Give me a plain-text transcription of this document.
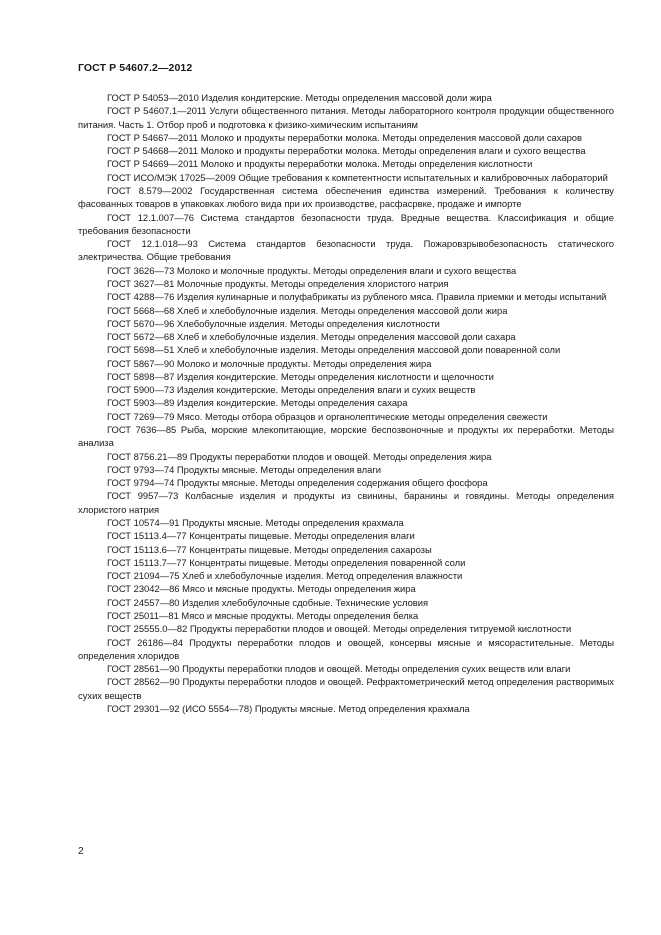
ГОСТ Р 54607.2—2012

ГОСТ Р 54053—2010 Изделия кондитерские. Методы определения массовой доли жира

ГОСТ Р 54607.1—2011 Услуги общественного питания. Методы лабораторного контроля продукции общественного питания. Часть 1. Отбор проб и подготовка к физико-химическим испытаниям

ГОСТ Р 54667—2011 Молоко и продукты переработки молока. Методы определения массовой доли сахаров

ГОСТ Р 54668—2011 Молоко и продукты переработки молока. Методы определения влаги и сухого вещества

ГОСТ Р 54669—2011 Молоко и продукты переработки молока. Методы определения кислотности

ГОСТ ИСО/МЭК 17025—2009 Общие требования к компетентности испытательных и калибровочных лабораторий

ГОСТ 8.579—2002 Государственная система обеспечения единства измерений. Требования к количеству фасованных товаров в упаковках любого вида при их производстве, расфасрвке, продаже и импорте

ГОСТ 12.1.007—76 Система стандартов безопасности труда. Вредные вещества. Классификация и общие требования безопасности

ГОСТ 12.1.018—93 Система стандартов безопасности труда. Пожаровзрывобезопасность статического электричества. Общие требования

ГОСТ 3626—73 Молоко и молочные продукты. Методы определения влаги и сухого вещества

ГОСТ 3627—81 Молочные продукты. Методы определения хлористого натрия

ГОСТ 4288—76 Изделия кулинарные и полуфабрикаты из рубленого мяса. Правила приемки и методы испытаний

ГОСТ 5668—68 Хлеб и хлебобулочные изделия. Методы определения массовой доли жира

ГОСТ 5670—96 Хлебобулочные изделия. Методы определения кислотности

ГОСТ 5672—68 Хлеб и хлебобулочные изделия. Методы определения массовой доли сахара

ГОСТ 5698—51 Хлеб и хлебобулочные изделия. Методы определения массовой доли поваренной соли

ГОСТ 5867—90 Молоко и молочные продукты. Методы определения жира

ГОСТ 5898—87 Изделия кондитерские. Методы определения кислотности и щелочности

ГОСТ 5900—73 Изделия кондитерские. Методы определения влаги и сухих веществ

ГОСТ 5903—89 Изделия кондитерские. Методы определения сахара

ГОСТ 7269—79 Мясо. Методы отбора образцов и органолептические методы определения свежести

ГОСТ 7636—85 Рыба, морские млекопитающие, морские беспозвоночные и продукты их переработки. Методы анализа

ГОСТ 8756.21—89 Продукты переработки плодов и овощей. Методы определения жира

ГОСТ 9793—74 Продукты мясные. Методы определения влаги

ГОСТ 9794—74 Продукты мясные. Методы определения содержания общего фосфора

ГОСТ 9957—73 Колбасные изделия и продукты из свинины, баранины и говядины. Методы определения хлористого натрия

ГОСТ 10574—91 Продукты мясные. Методы определения крахмала

ГОСТ 15113.4—77 Концентраты пищевые. Методы определения влаги

ГОСТ 15113.6—77 Концентраты пищевые. Методы определения сахарозы

ГОСТ 15113.7—77 Концентраты пищевые. Методы определения поваренной соли

ГОСТ 21094—75 Хлеб и хлебобулочные изделия. Метод определения влажности

ГОСТ 23042—86 Мясо и мясные продукты. Методы определения жира

ГОСТ 24557—80 Изделия хлебобулочные сдобные. Технические условия

ГОСТ 25011—81 Мясо и мясные продукты. Методы определения белка

ГОСТ 25555.0—82 Продукты переработки плодов и овощей. Методы определения титруемой кислотности

ГОСТ 26186—84 Продукты переработки плодов и овощей, консервы мясные и мясорастительные. Методы определения хлоридов

ГОСТ 28561—90 Продукты переработки плодов и овощей. Методы определения сухих веществ или влаги

ГОСТ 28562—90 Продукты переработки плодов и овощей. Рефрактометрический метод определения растворимых сухих веществ

ГОСТ 29301—92 (ИСО 5554—78) Продукты мясные. Метод определения крахмала

2
